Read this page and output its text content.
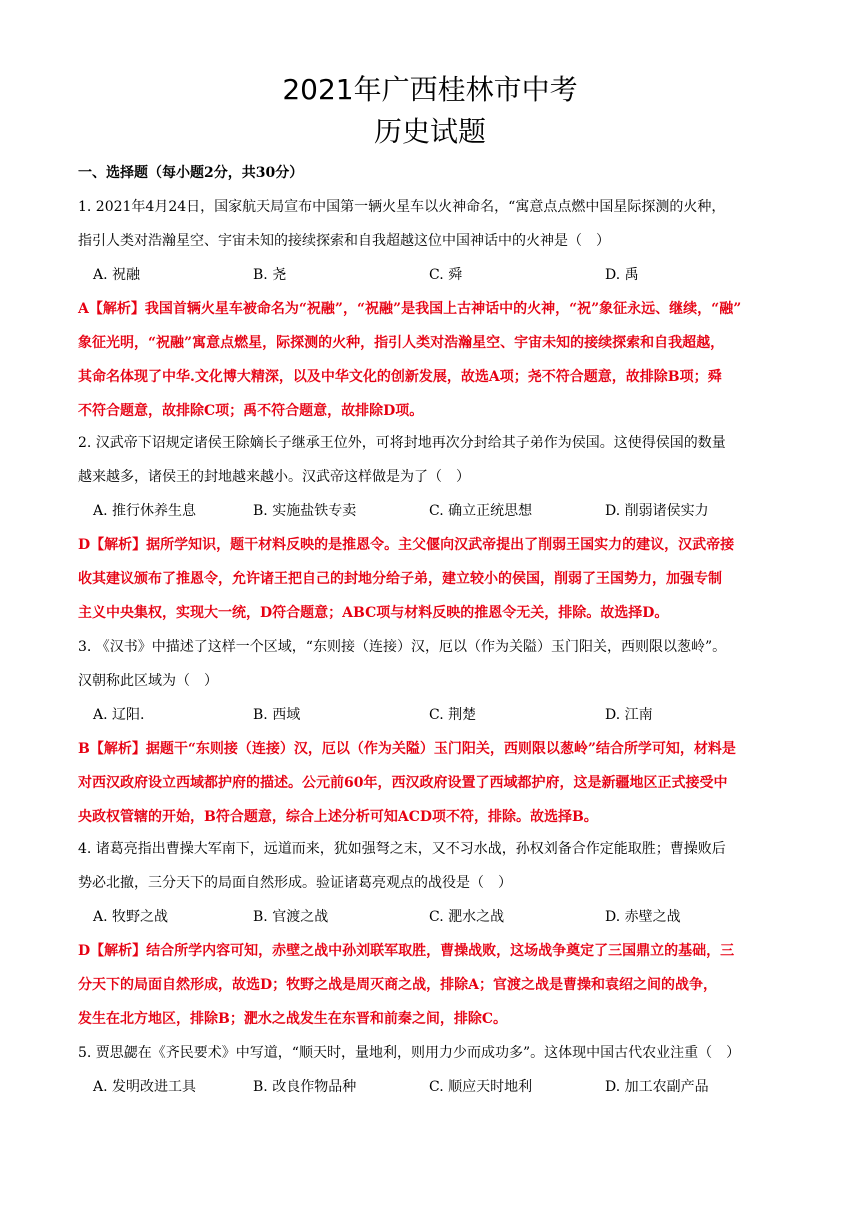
2021年广西桂林市中考
历史试题
一、选择题（每小题2分，共30分）
1. 2021年4月24日，国家航天局宣布中国第一辆火星车以火神命名，“寓意点点燃中国星际探测的火种，
指引人类对浩瀚星空、宇宙未知的接续探索和自我超越这位中国神话中的火神是（　）
A. 祝融	B. 尧	C. 舜	D. 禹
A【解析】我国首辆火星车被命名为“祝融”，“祝融”是我国上古神话中的火神，“祝”象征永远、继续，“融”
象征光明，“祝融”寓意点燃星，际探测的火种，指引人类对浩瀚星空、宇宙未知的接续探索和自我超越，
其命名体现了中华.文化博大精深，以及中华文化的创新发展，故选A项；尧不符合题意，故排除B项；舜
不符合题意，故排除C项；禹不符合题意，故排除D项。
2. 汉武帝下诏规定诸侯王除嫡长子继承王位外，可将封地再次分封给其子弟作为侯国。这使得侯国的数量
越来越多，诸侯王的封地越来越小。汉武帝这样做是为了（　）
A. 推行休养生息	B. 实施盐铁专卖	C. 确立正统思想	D. 削弱诸侯实力
D【解析】据所学知识，题干材料反映的是推恩令。主父偃向汉武帝提出了削弱王国实力的建议，汉武帝接
收其建议颁布了推恩令，允许诸王把自己的封地分给子弟，建立较小的侯国，削弱了王国势力，加强专制
主义中央集权，实现大一统，D符合题意；ABC项与材料反映的推恩令无关，排除。故选择D。
3. 《汉书》中描述了这样一个区域，“东则接（连接）汉，厄以（作为关隘）玉门阳关，西则限以葱岭”。
汉朝称此区域为（　）
A. 辽阳.	B. 西域	C. 荆楚	D. 江南
B【解析】据题干“东则接（连接）汉，厄以（作为关隘）玉门阳关，西则限以葱岭”结合所学可知，材料是
对西汉政府设立西域都护府的描述。公元前60年，西汉政府设置了西域都护府，这是新疆地区正式接受中
央政权管辖的开始，B符合题意，综合上述分析可知ACD项不符，排除。故选择B。
4. 诸葛亮指出曹操大军南下，远道而来，犹如强弩之末，又不习水战，孙权刘备合作定能取胜；曹操败后
势必北撤，三分天下的局面自然形成。验证诸葛亮观点的战役是（　）
A. 牧野之战	B. 官渡之战	C. 淝水之战	D. 赤壁之战
D【解析】结合所学内容可知，赤壁之战中孙刘联军取胜，曹操战败，这场战争奠定了三国鼎立的基础，三
分天下的局面自然形成，故选D；牧野之战是周灭商之战，排除A；官渡之战是曹操和袁绍之间的战争，
发生在北方地区，排除B；淝水之战发生在东晋和前秦之间，排除C。
5. 贾思勰在《齐民要术》中写道，“顺天时，量地利，则用力少而成功多”。这体现中国古代农业注重（　）
A. 发明改进工具	B. 改良作物品种	C. 顺应天时地利	D. 加工农副产品
